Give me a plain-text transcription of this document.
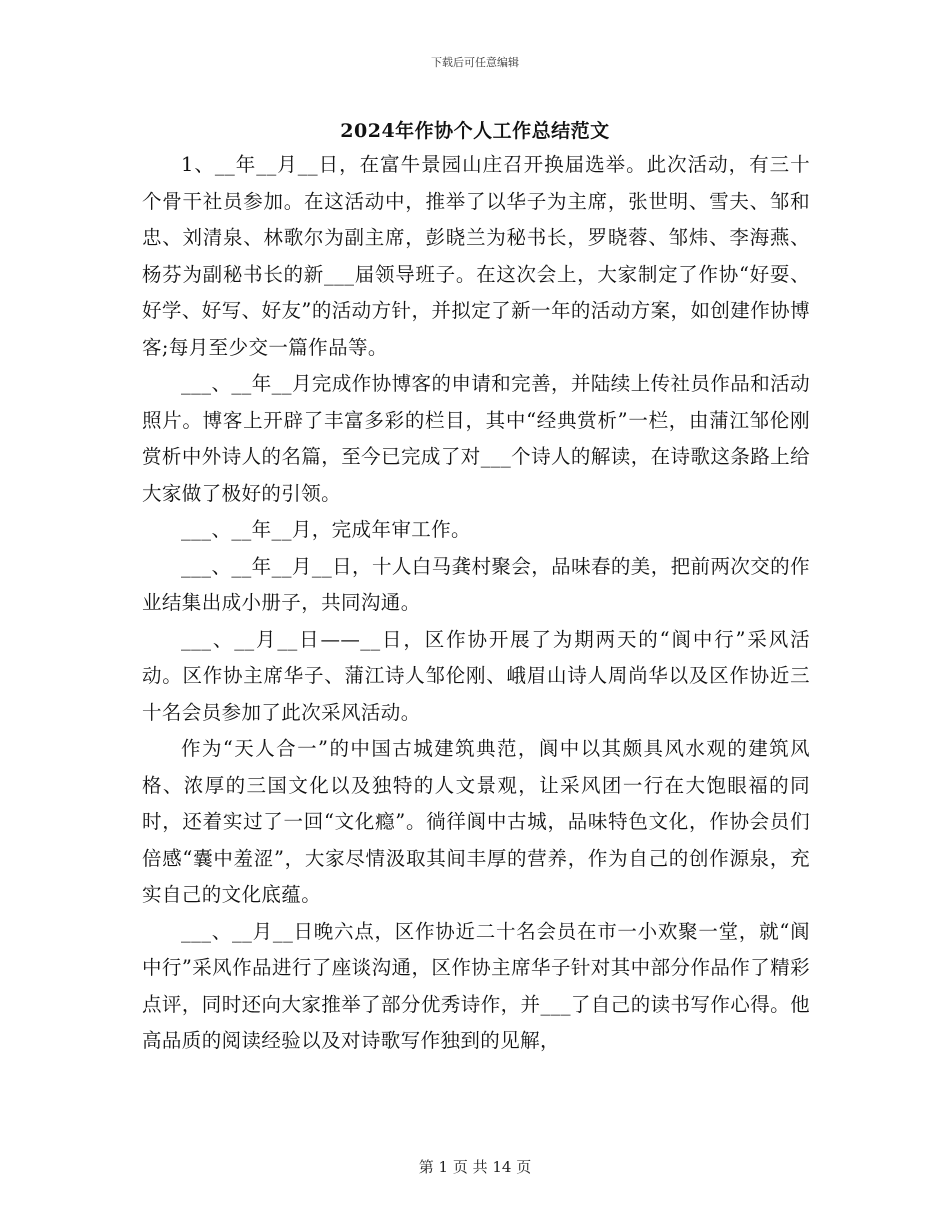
下载后可任意编辑
2024年作协个人工作总结范文

1、__年__月__日，在富牛景园山庄召开换届选举。此次活动，有三十个骨干社员参加。在这活动中，推举了以华子为主席，张世明、雪夫、邹和忠、刘清泉、林歌尔为副主席，彭晓兰为秘书长，罗晓蓉、邹炜、李海燕、杨芬为副秘书长的新___届领导班子。在这次会上，大家制定了作协“好耍、好学、好写、好友”的活动方针，并拟定了新一年的活动方案，如创建作协博客;每月至少交一篇作品等。

___、__年__月完成作协博客的申请和完善，并陆续上传社员作品和活动照片。博客上开辟了丰富多彩的栏目，其中“经典赏析”一栏，由蒲江邹伦刚赏析中外诗人的名篇，至今已完成了对___个诗人的解读，在诗歌这条路上给大家做了极好的引领。

___、__年__月，完成年审工作。

___、__年__月__日，十人白马龚村聚会，品味春的美，把前两次交的作业结集出成小册子，共同沟通。

___、__月__日——__日，区作协开展了为期两天的“阆中行”采风活动。区作协主席华子、蒲江诗人邹伦刚、峨眉山诗人周尚华以及区作协近三十名会员参加了此次采风活动。

作为“天人合一”的中国古城建筑典范，阆中以其颇具风水观的建筑风格、浓厚的三国文化以及独特的人文景观，让采风团一行在大饱眼福的同时，还着实过了一回“文化瘾”。徜徉阆中古城，品味特色文化，作协会员们倍感“囊中羞涩”，大家尽情汲取其间丰厚的营养，作为自己的创作源泉，充实自己的文化底蕴。

___、__月__日晚六点，区作协近二十名会员在市一小欢聚一堂，就“阆中行”采风作品进行了座谈沟通，区作协主席华子针对其中部分作品作了精彩点评，同时还向大家推举了部分优秀诗作，并___了自己的读书写作心得。他高品质的阅读经验以及对诗歌写作独到的见解，

第 1 页 共 14 页
